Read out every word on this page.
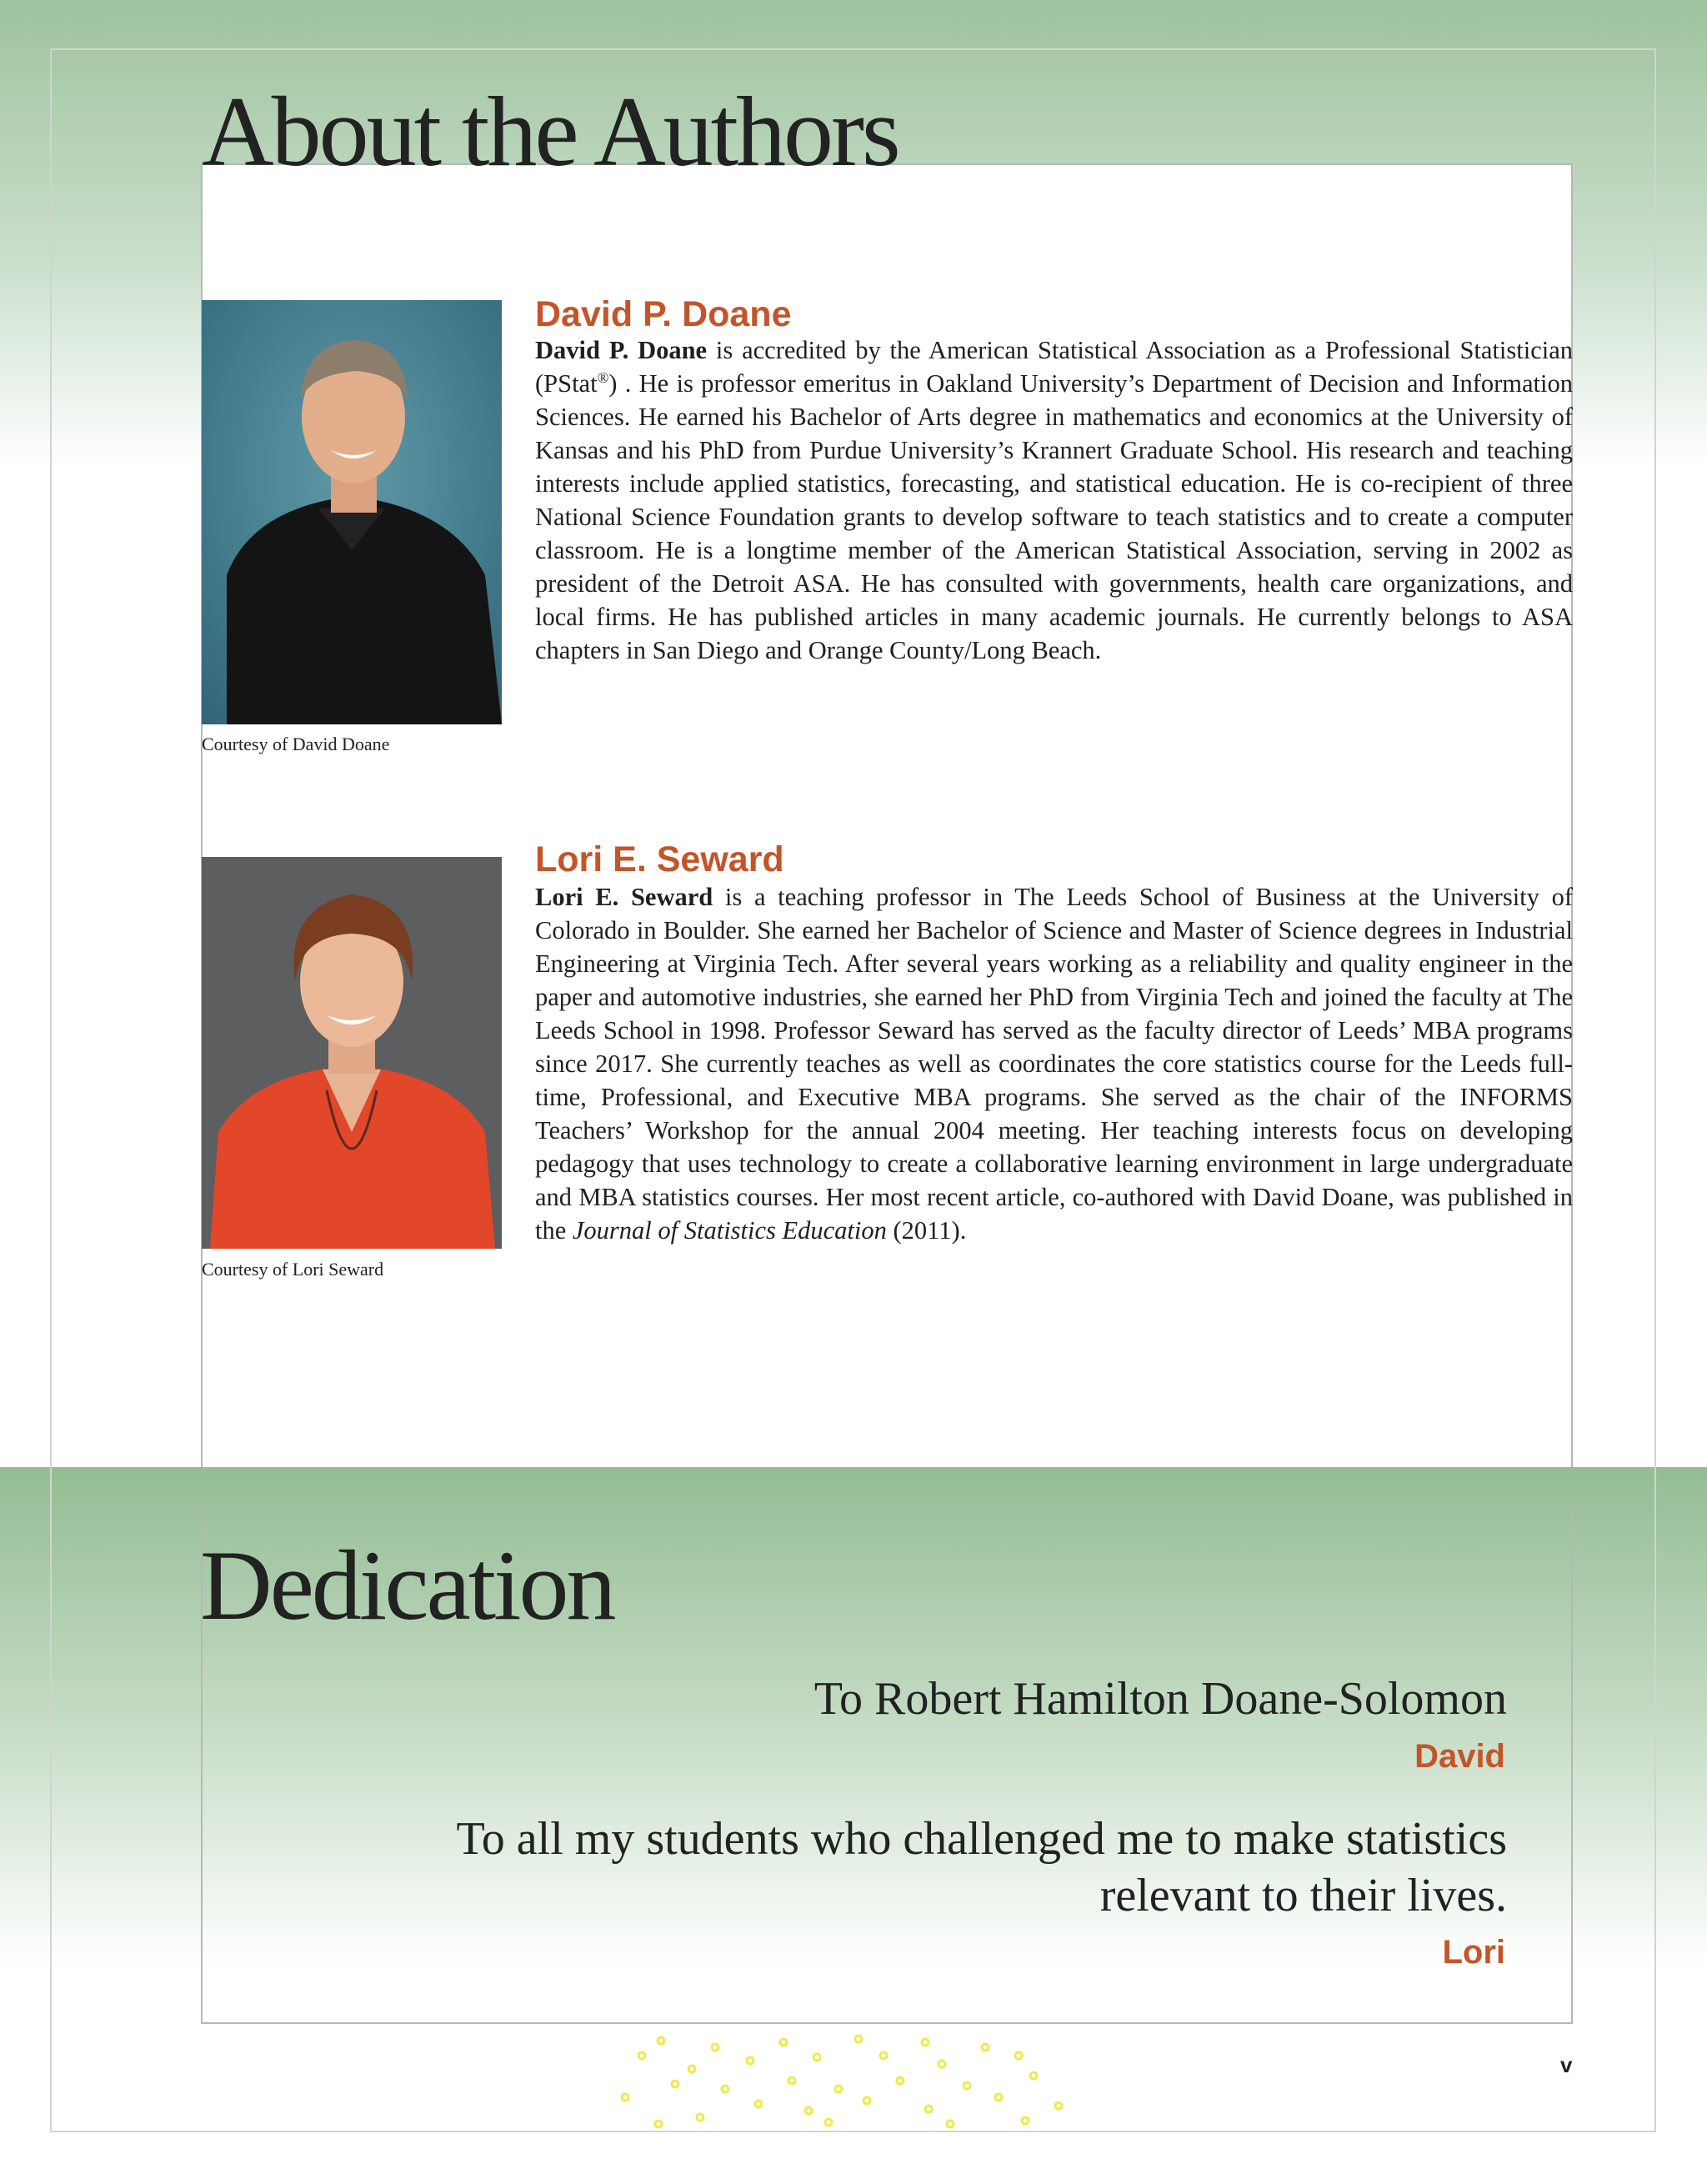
About the Authors
Courtesy of David Doane
David P. Doane
David P. Doane is accredited by the American Statistical Association as a Professional Statistician (PStat®) . He is professor emeritus in Oakland University’s Department of Decision and Information Sciences. He earned his Bachelor of Arts degree in mathematics and economics at the University of Kansas and his PhD from Purdue University’s Krannert Graduate School. His research and teaching interests include applied statistics, forecasting, and statistical education. He is co-recipient of three National Science Foundation grants to develop software to teach statistics and to create a computer classroom. He is a longtime member of the American Statistical Association, serving in 2002 as president of the Detroit ASA. He has consulted with governments, health care organizations, and local firms. He has published articles in many academic journals. He currently belongs to ASA chapters in San Diego and Orange County/Long Beach.
Courtesy of Lori Seward
Lori E. Seward
Lori E. Seward is a teaching professor in The Leeds School of Business at the University of Colorado in Boulder. She earned her Bachelor of Science and Master of Science degrees in Industrial Engineering at Virginia Tech. After several years working as a reliability and quality engineer in the paper and automotive industries, she earned her PhD from Virginia Tech and joined the faculty at The Leeds School in 1998. Professor Seward has served as the faculty director of Leeds’ MBA programs since 2017. She currently teaches as well as coordinates the core statistics course for the Leeds full-time, Professional, and Executive MBA programs. She served as the chair of the INFORMS Teachers’ Workshop for the annual 2004 meeting. Her teaching interests focus on developing pedagogy that uses technology to create a collaborative learning environment in large undergraduate and MBA statistics courses. Her most recent article, co-authored with David Doane, was published in the Journal of Statistics Education (2011).
Dedication
To Robert Hamilton Doane-Solomon
David
To all my students who challenged me to make statistics relevant to their lives.
Lori
v
